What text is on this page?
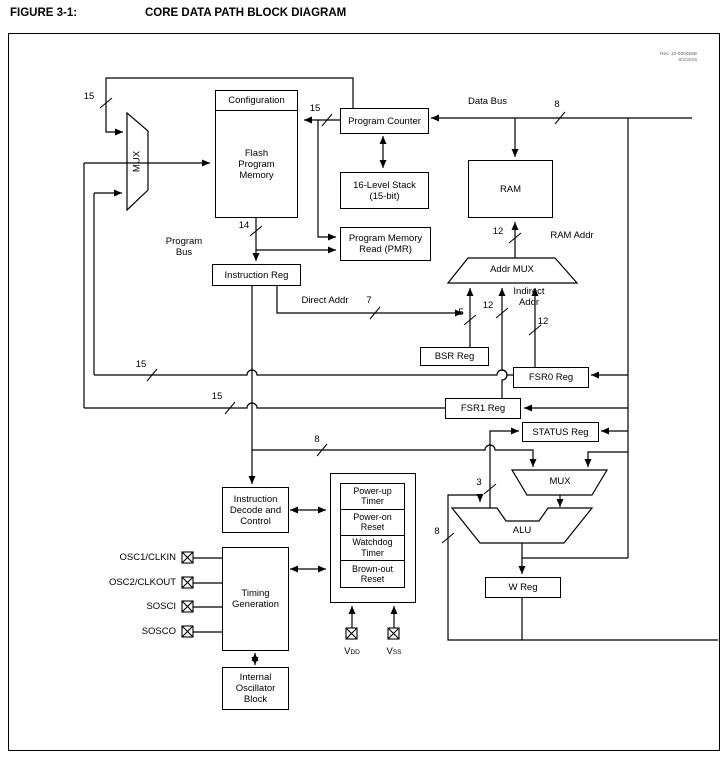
FIGURE 3-1:	CORE DATA PATH BLOCK DIAGRAM
Rev. 10-000055B
8/2/2016
Configuration
Flash
Program
Memory
Program Counter
16-Level Stack
(15-bit)
RAM
Program Memory
Read (PMR)
Instruction Reg
BSR Reg
FSR0 Reg
FSR1 Reg
STATUS Reg
W Reg
Instruction
Decode and
Control
Power-up
Timer
Power-on
Reset
Watchdog
Timer
Brown-out
Reset
Timing
Generation
Internal
Oscillator
Block
MUX
Addr MUX
MUX
ALU
Data Bus
Program
Bus
Direct Addr
RAM Addr
Indirect
Addr
15
15
14
8
12
5
7	12
12
15
15
8
3
8
OSC1/CLKIN
OSC2/CLKOUT
SOSCI
SOSCO
VDD	VSS
